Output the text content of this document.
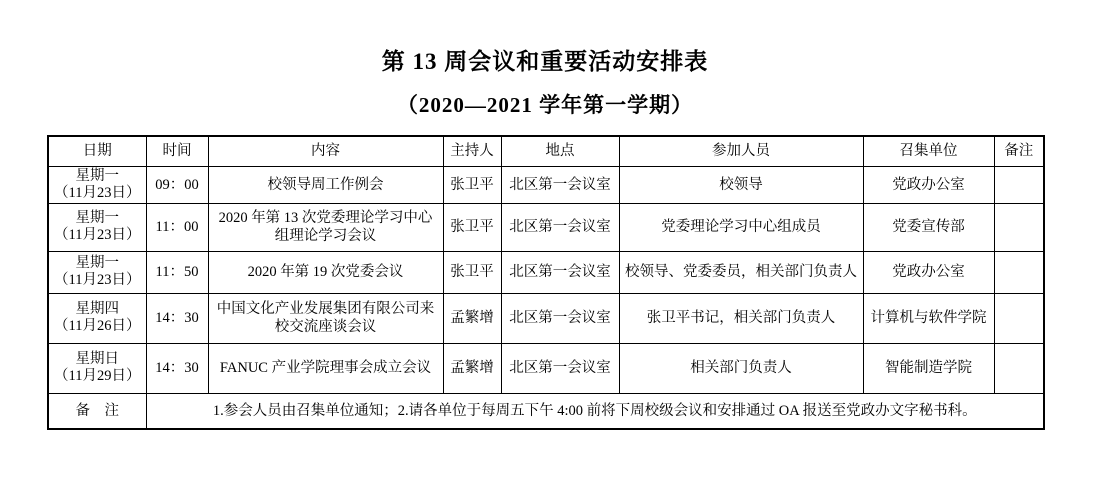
第 13 周会议和重要活动安排表
（2020—2021 学年第一学期）
日期	时间	内容	主持人	地点	参加人员	召集单位	备注

星期一
（11月23日）	09：00	校领导周工作例会	张卫平	北区第一会议室	校领导	党政办公室	

星期一
（11月23日）	11：00	2020 年第 13 次党委理论学习中心组理论学习会议	张卫平	北区第一会议室	党委理论学习中心组成员	党委宣传部	

星期一
（11月23日）	11：50	2020 年第 19 次党委会议	张卫平	北区第一会议室	校领导、党委委员，相关部门负责人	党政办公室	

星期四
（11月26日）	14：30	中国文化产业发展集团有限公司来校交流座谈会议	孟繁增	北区第一会议室	张卫平书记，相关部门负责人	计算机与软件学院	

星期日
（11月29日）	14：30	FANUC 产业学院理事会成立会议	孟繁增	北区第一会议室	相关部门负责人	智能制造学院	
备　注	1.参会人员由召集单位通知；2.请各单位于每周五下午 4:00 前将下周校级会议和安排通过 OA 报送至党政办文字秘书科。						
